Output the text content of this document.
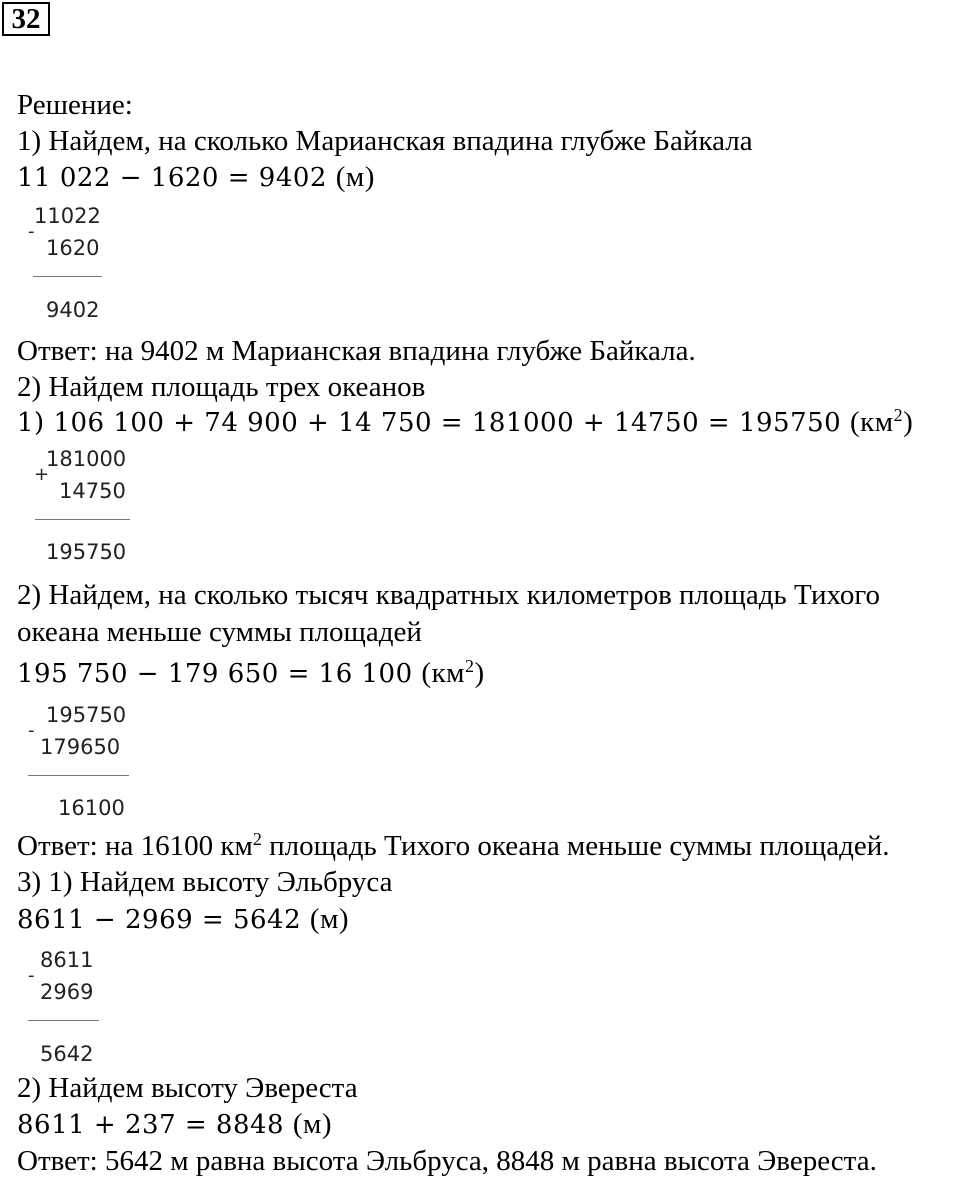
32
Решение:
1) Найдем, на сколько Марианская впадина глубже Байкала
11 022 − 1620 = 9402 (м)
11022
-
1620
9402
Ответ: на 9402 м Марианская впадина глубже Байкала.
2) Найдем площадь трех океанов
1) 106 100 + 74 900 + 14 750 = 181000 + 14750 = 195750 $(км^2)$
181000
+
14750
195750
2) Найдем, на сколько тысяч квадратных километров площадь Тихого
океана меньше суммы площадей
195 750 − 179 650 = 16 100 $(км^2)$
195750
-
179650
16100
Ответ: на 16100 $км^2$ площадь Тихого океана меньше суммы площадей.
3) 1) Найдем высоту Эльбруса
8611 − 2969 = 5642 (м)
8611
-
2969
5642
2) Найдем высоту Эвереста
8611 + 237 = 8848 (м)
Ответ: 5642 м равна высота Эльбруса, 8848 м равна высота Эвереста.
